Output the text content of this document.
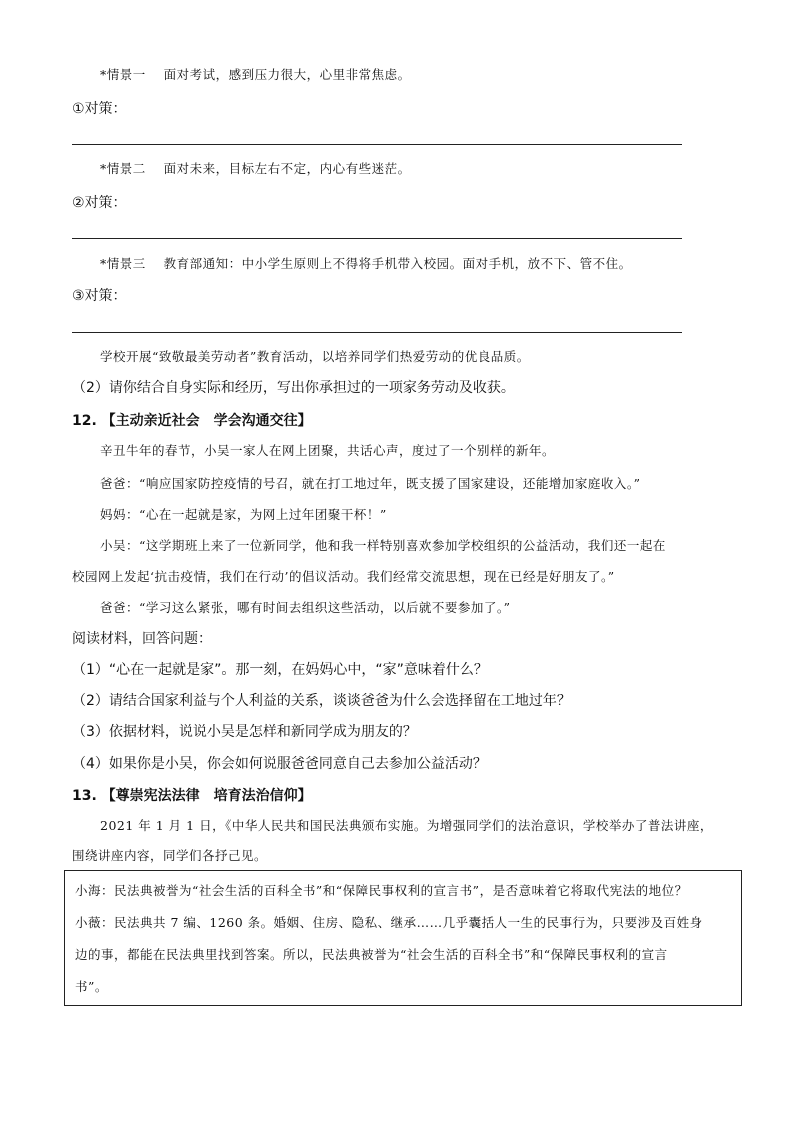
*情景一 面对考试，感到压力很大，心里非常焦虑。
①对策：
*情景二 面对未来，目标左右不定，内心有些迷茫。
②对策：
*情景三 教育部通知：中小学生原则上不得将手机带入校园。面对手机，放不下、管不住。
③对策：
学校开展“致敬最美劳动者”教育活动，以培养同学们热爱劳动的优良品质。
（2）请你结合自身实际和经历，写出你承担过的一项家务劳动及收获。
12. 【主动亲近社会　学会沟通交往】
辛丑牛年的春节，小吴一家人在网上团聚，共话心声，度过了一个别样的新年。
爸爸：“响应国家防控疫情的号召，就在打工地过年，既支援了国家建设，还能增加家庭收入。”
妈妈：“心在一起就是家，为网上过年团聚干杯！”
小吴：“这学期班上来了一位新同学，他和我一样特别喜欢参加学校组织的公益活动，我们还一起在
校园网上发起‘抗击疫情，我们在行动’的倡议活动。我们经常交流思想，现在已经是好朋友了。”
爸爸：“学习这么紧张，哪有时间去组织这些活动，以后就不要参加了。”
阅读材料，回答问题：
（1）“心在一起就是家”。那一刻，在妈妈心中，“家”意味着什么？
（2）请结合国家利益与个人利益的关系，谈谈爸爸为什么会选择留在工地过年？
（3）依据材料，说说小吴是怎样和新同学成为朋友的？
（4）如果你是小吴，你会如何说服爸爸同意自己去参加公益活动？
13. 【尊崇宪法法律　培育法治信仰】
2021 年 1 月 1 日，《中华人民共和国民法典颁布实施。为增强同学们的法治意识，学校举办了普法讲座，
围绕讲座内容，同学们各抒己见。
小海：民法典被誉为“社会生活的百科全书”和“保障民事权利的宣言书”，是否意味着它将取代宪法的地位？
小薇：民法典共 7 编、1260 条。婚姻、住房、隐私、继承……几乎囊括人一生的民事行为，只要涉及百姓身
边的事，都能在民法典里找到答案。所以，民法典被誉为“社会生活的百科全书”和“保障民事权利的宣言
书”。
